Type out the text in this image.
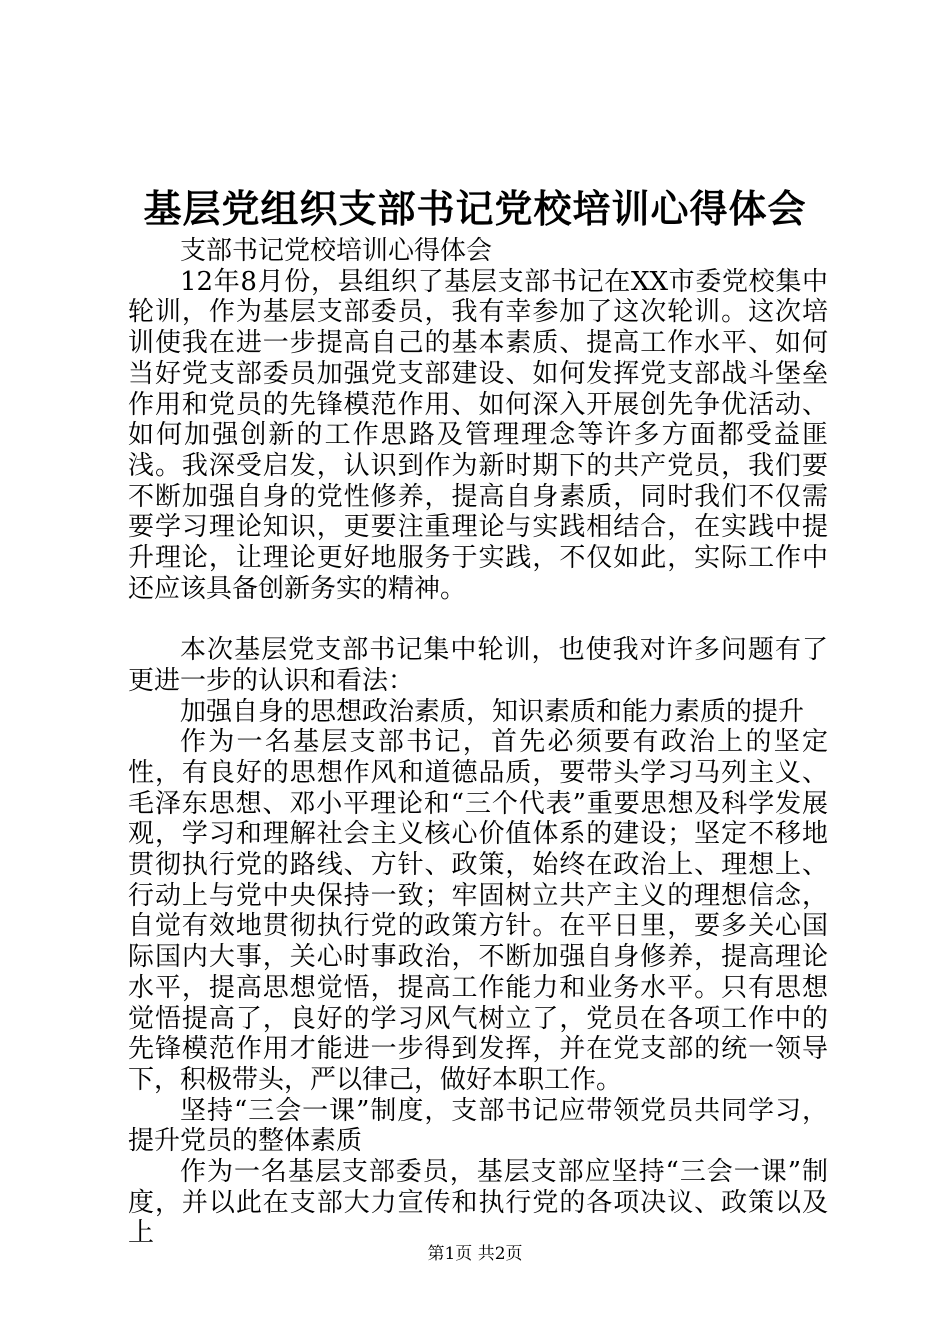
基层党组织支部书记党校培训心得体会

支部书记党校培训心得体会

12年8月份，县组织了基层支部书记在XX市委党校集中轮训，作为基层支部委员，我有幸参加了这次轮训。这次培训使我在进一步提高自己的基本素质、提高工作水平、如何当好党支部委员加强党支部建设、如何发挥党支部战斗堡垒作用和党员的先锋模范作用、如何深入开展创先争优活动、如何加强创新的工作思路及管理理念等许多方面都受益匪浅。我深受启发，认识到作为新时期下的共产党员，我们要不断加强自身的党性修养，提高自身素质，同时我们不仅需要学习理论知识，更要注重理论与实践相结合，在实践中提升理论，让理论更好地服务于实践，不仅如此，实际工作中还应该具备创新务实的精神。

本次基层党支部书记集中轮训，也使我对许多问题有了更进一步的认识和看法：

加强自身的思想政治素质，知识素质和能力素质的提升

作为一名基层支部书记，首先必须要有政治上的坚定性，有良好的思想作风和道德品质，要带头学习马列主义、毛泽东思想、邓小平理论和“三个代表”重要思想及科学发展观，学习和理解社会主义核心价值体系的建设；坚定不移地贯彻执行党的路线、方针、政策，始终在政治上、理想上、行动上与党中央保持一致；牢固树立共产主义的理想信念，自觉有效地贯彻执行党的政策方针。在平日里，要多关心国际国内大事，关心时事政治，不断加强自身修养，提高理论水平，提高思想觉悟，提高工作能力和业务水平。只有思想觉悟提高了，良好的学习风气树立了，党员在各项工作中的先锋模范作用才能进一步得到发挥，并在党支部的统一领导下，积极带头，严以律己，做好本职工作。

坚持“三会一课”制度，支部书记应带领党员共同学习，提升党员的整体素质

作为一名基层支部委员，基层支部应坚持“三会一课”制度，并以此在支部大力宣传和执行党的各项决议、政策以及上

第1页 共2页
